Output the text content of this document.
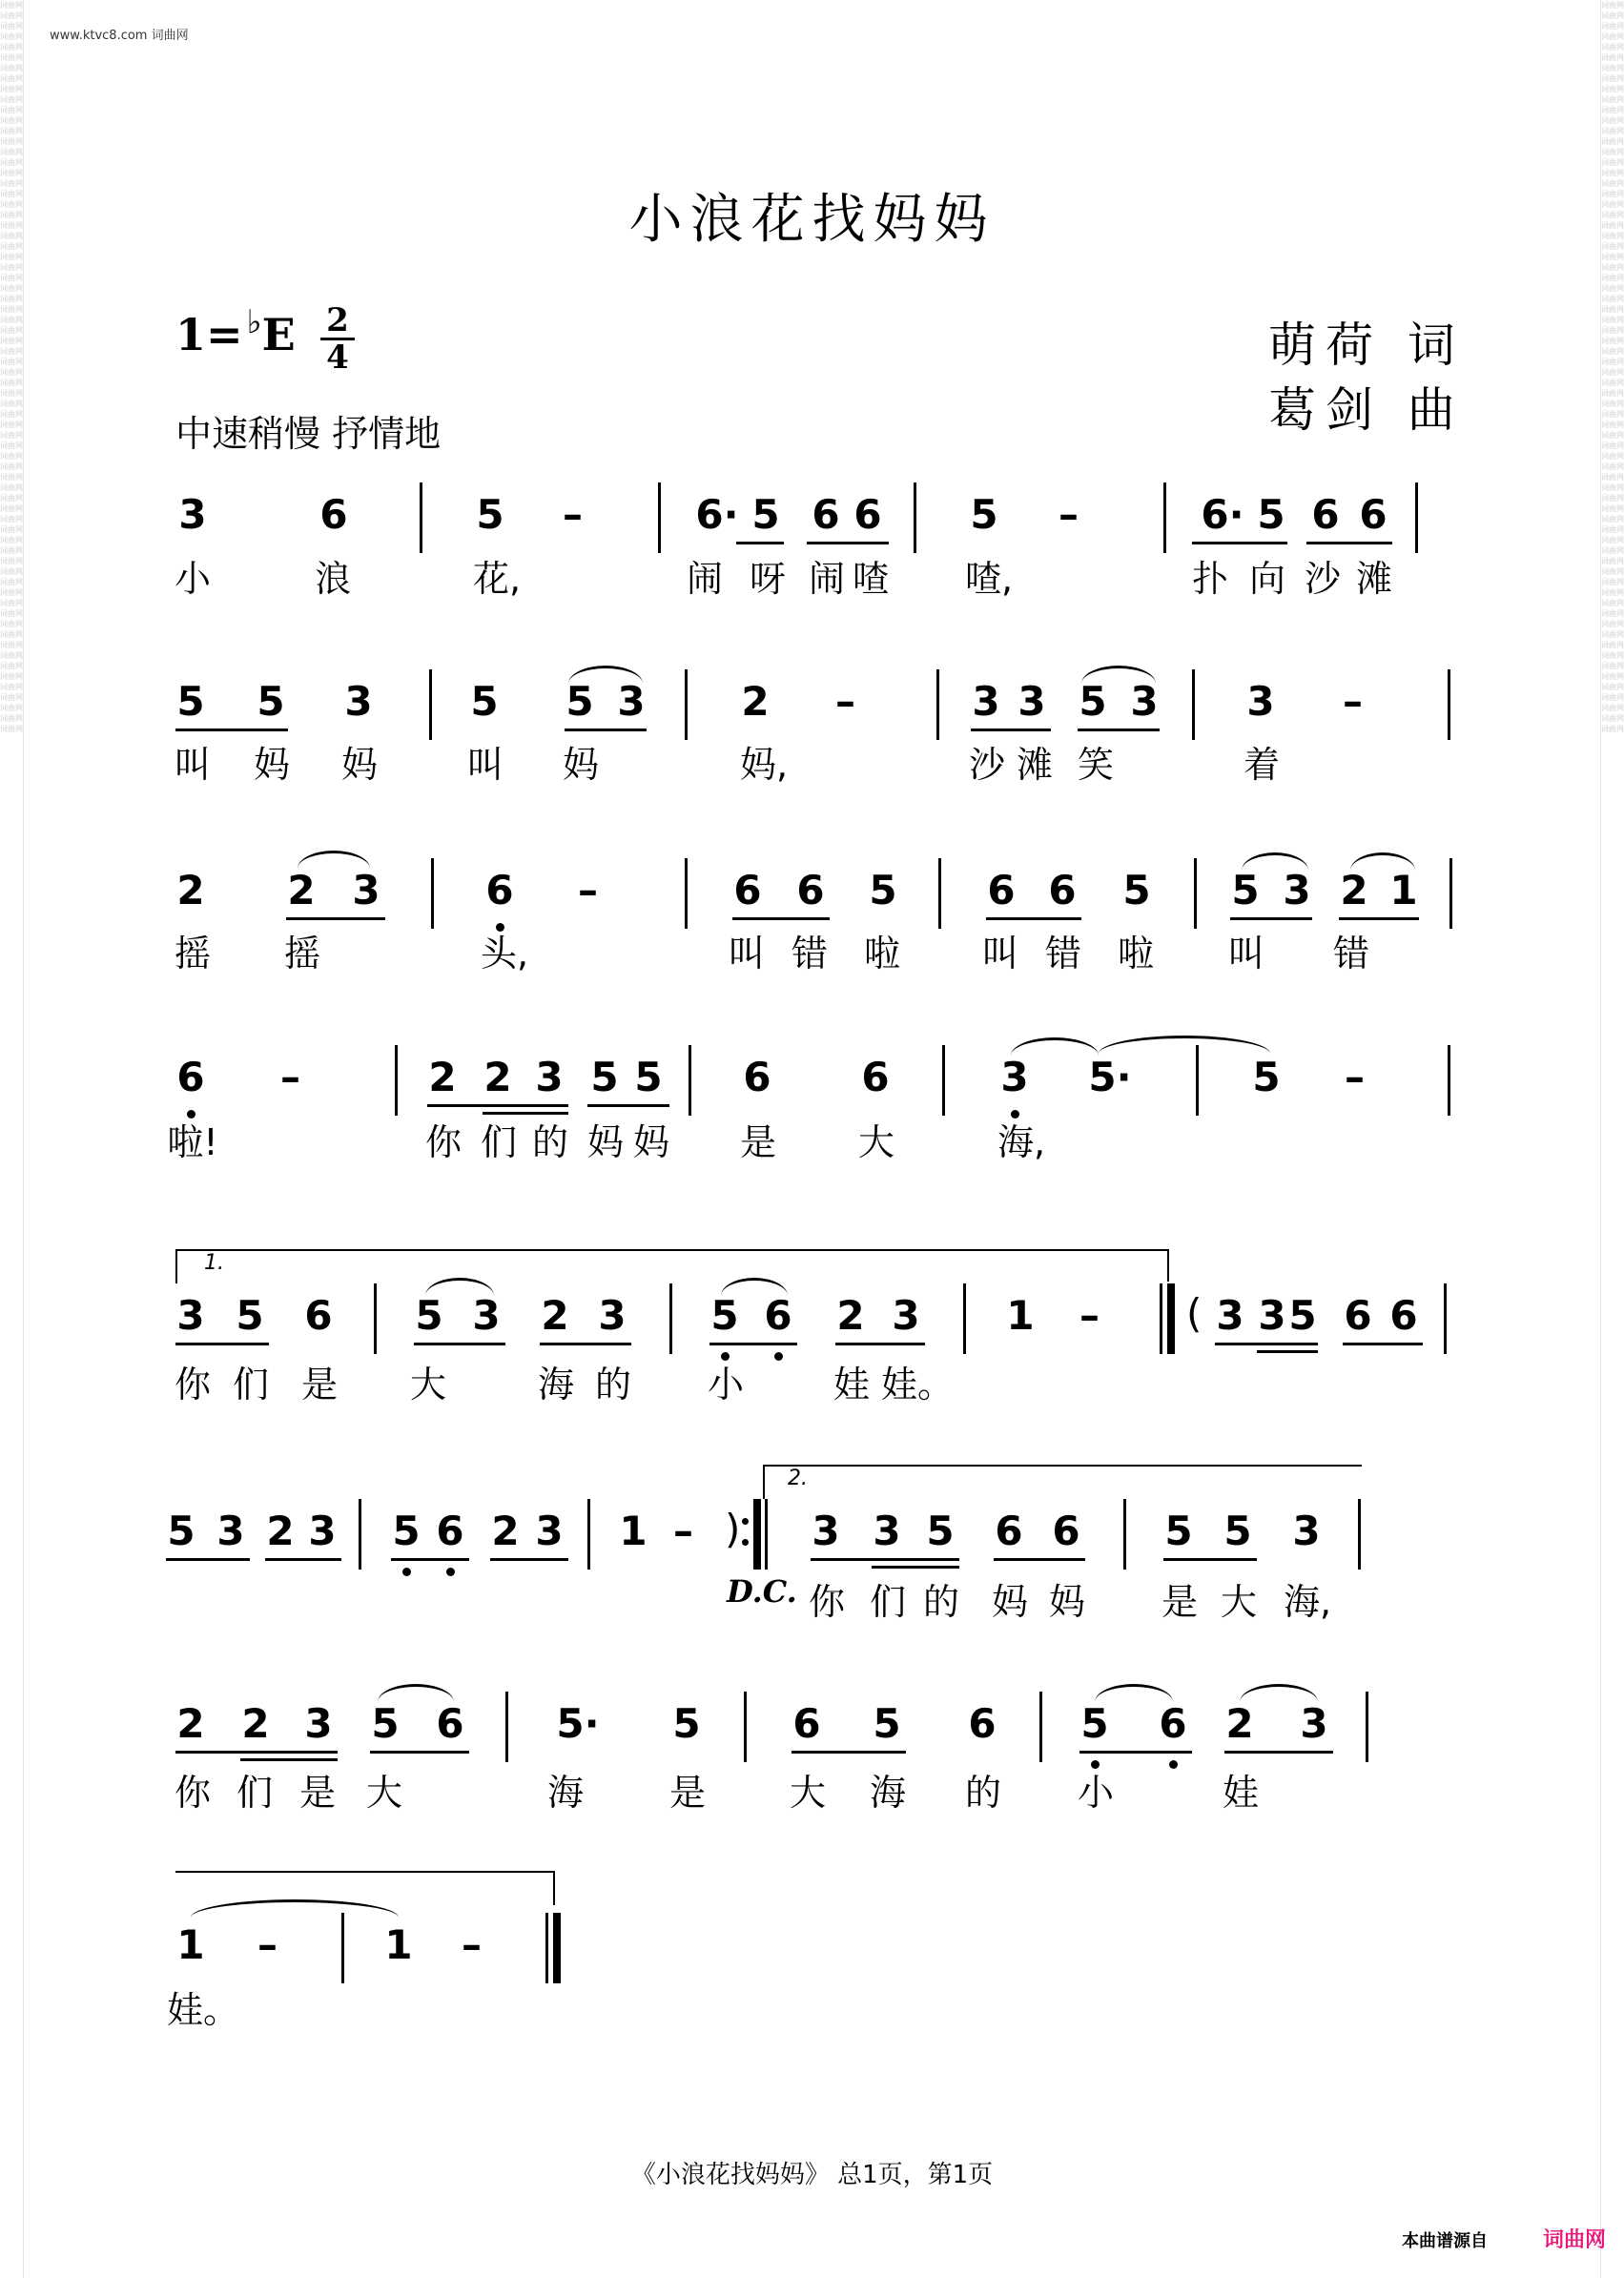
词曲网词曲网词曲网词曲网词曲网词曲网词曲网词曲网词曲网词曲网词曲网词曲网词曲网词曲网词曲网词曲网词曲网词曲网词曲网词曲网词曲网词曲网词曲网词曲网词曲网词曲网词曲网词曲网词曲网词曲网词曲网词曲网词曲网词曲网词曲网词曲网词曲网词曲网词曲网词曲网词曲网词曲网词曲网词曲网词曲网词曲网词曲网词曲网词曲网词曲网词曲网词曲网词曲网词曲网词曲网词曲网词曲网词曲网词曲网词曲网词曲网词曲网词曲网词曲网词曲网词曲网词曲网词曲网词曲网词曲网
词曲网词曲网词曲网词曲网词曲网词曲网词曲网词曲网词曲网词曲网词曲网词曲网词曲网词曲网词曲网词曲网词曲网词曲网词曲网词曲网词曲网词曲网词曲网词曲网词曲网词曲网词曲网词曲网词曲网词曲网词曲网词曲网词曲网词曲网词曲网词曲网词曲网词曲网词曲网词曲网词曲网词曲网词曲网词曲网词曲网词曲网词曲网词曲网词曲网词曲网词曲网词曲网词曲网词曲网词曲网词曲网词曲网词曲网词曲网词曲网词曲网词曲网词曲网词曲网词曲网词曲网词曲网词曲网词曲网词曲网
www.ktvc8.com 词曲网
小浪花找妈妈
$1= ^♭E \frac{2}{4}$
中速稍慢 抒情地
萌荷 词
葛剑 曲
3	6	5 –	6· 5 6 6 5 –	6· 5 6 6
小	浪	花,	闹 呀 闹 喳 喳,	扑 向 沙 滩
5 5 3 5 5 3 2 –	3 3 5 3 3 –
叫 妈 妈 叫 妈	妈,	沙 滩 笑	着
2 2 3	6 –	6 6 5 6 6 5 5 3 2 1
摇 摇	头,	叫 错 啦 叫 错 啦 叫 错
6 –	2 2 3 5 5 6 6	3 5·	5 –
啦!	你 们 的 妈 妈 是 大	海,
1.
3 5 6 5 3 2 3 5 6 2 3 1 – ( 3 3 5 6 6
你 们 是 大	海 的 小 娃 娃。
2.
5 3 2 3 5 6 2 3 1 – ) 3 3 5 6 6 5 5 3
D.C. 你 们 的 妈 妈 是 大 海,
2 2 3 5 6 5· 5 6 5 6 5 6 2 3
你 们 是 大	海 是 大 海 的 小	娃
1 –	1 –
娃。
《小浪花找妈妈》 总1页，第1页
本曲谱源自	词曲网
